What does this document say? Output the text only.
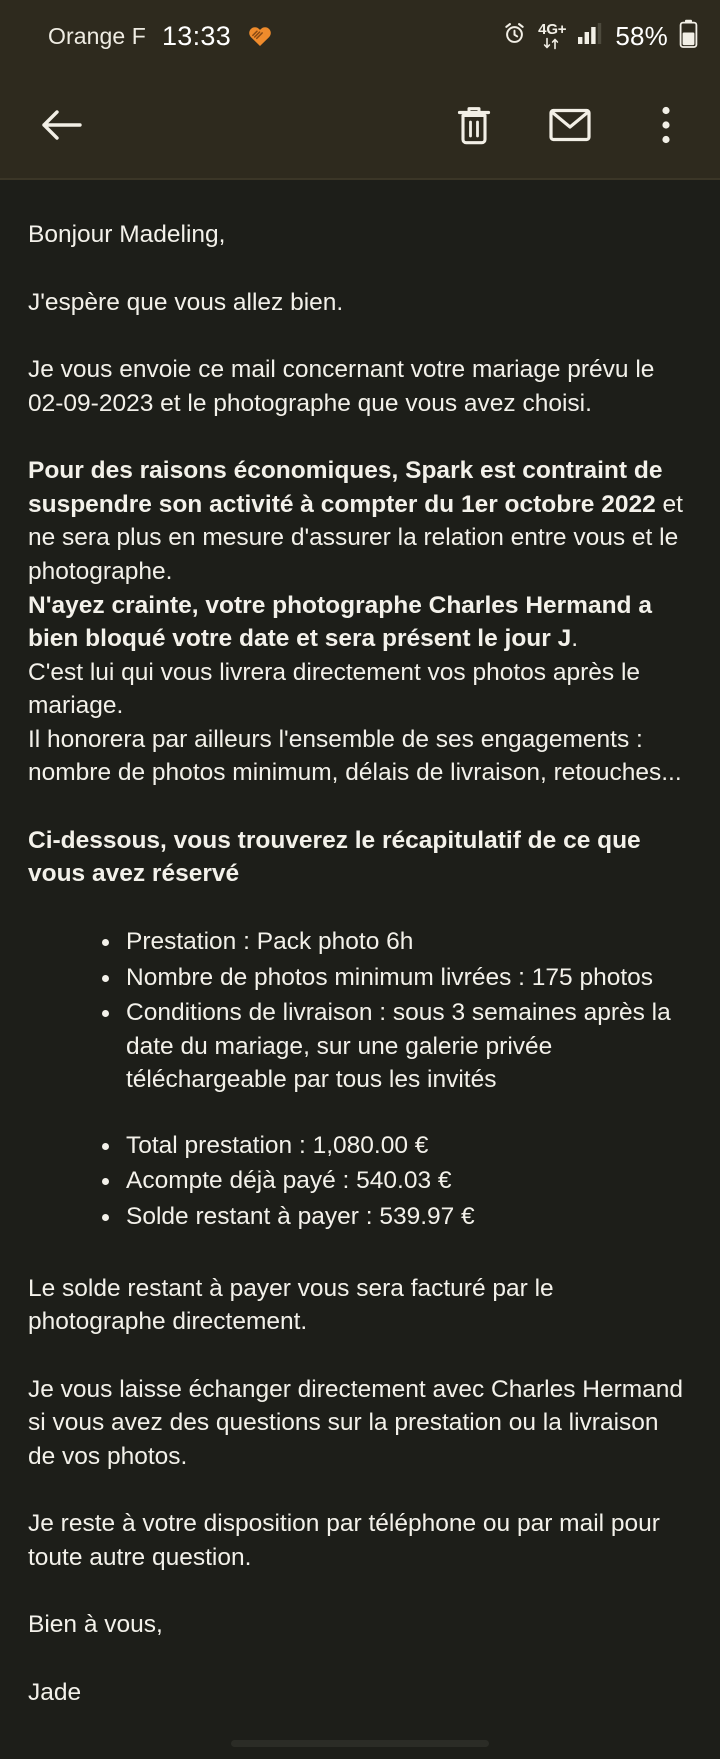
Orange F 13:33	4G+ 58%

Bonjour Madeling,

J'espère que vous allez bien.

Je vous envoie ce mail concernant votre mariage prévu le 02-09-2023 et le photographe que vous avez choisi.

Pour des raisons économiques, Spark est contraint de suspendre son activité à compter du 1er octobre 2022 et ne sera plus en mesure d'assurer la relation entre vous et le photographe.

N'ayez crainte, votre photographe Charles Hermand a bien bloqué votre date et sera présent le jour J.

C'est lui qui vous livrera directement vos photos après le mariage.

Il honorera par ailleurs l'ensemble de ses engagements : nombre de photos minimum, délais de livraison, retouches...

Ci-dessous, vous trouverez le récapitulatif de ce que vous avez réservé

Prestation : Pack photo 6h
Nombre de photos minimum livrées : 175 photos
Conditions de livraison : sous 3 semaines après la date du mariage, sur une galerie privée téléchargeable par tous les invités
Total prestation : 1,080.00 €
Acompte déjà payé : 540.03 €
Solde restant à payer : 539.97 €

Le solde restant à payer vous sera facturé par le photographe directement.

Je vous laisse échanger directement avec Charles Hermand si vous avez des questions sur la prestation ou la livraison de vos photos.

Je reste à votre disposition par téléphone ou par mail pour toute autre question.

Bien à vous,

Jade
